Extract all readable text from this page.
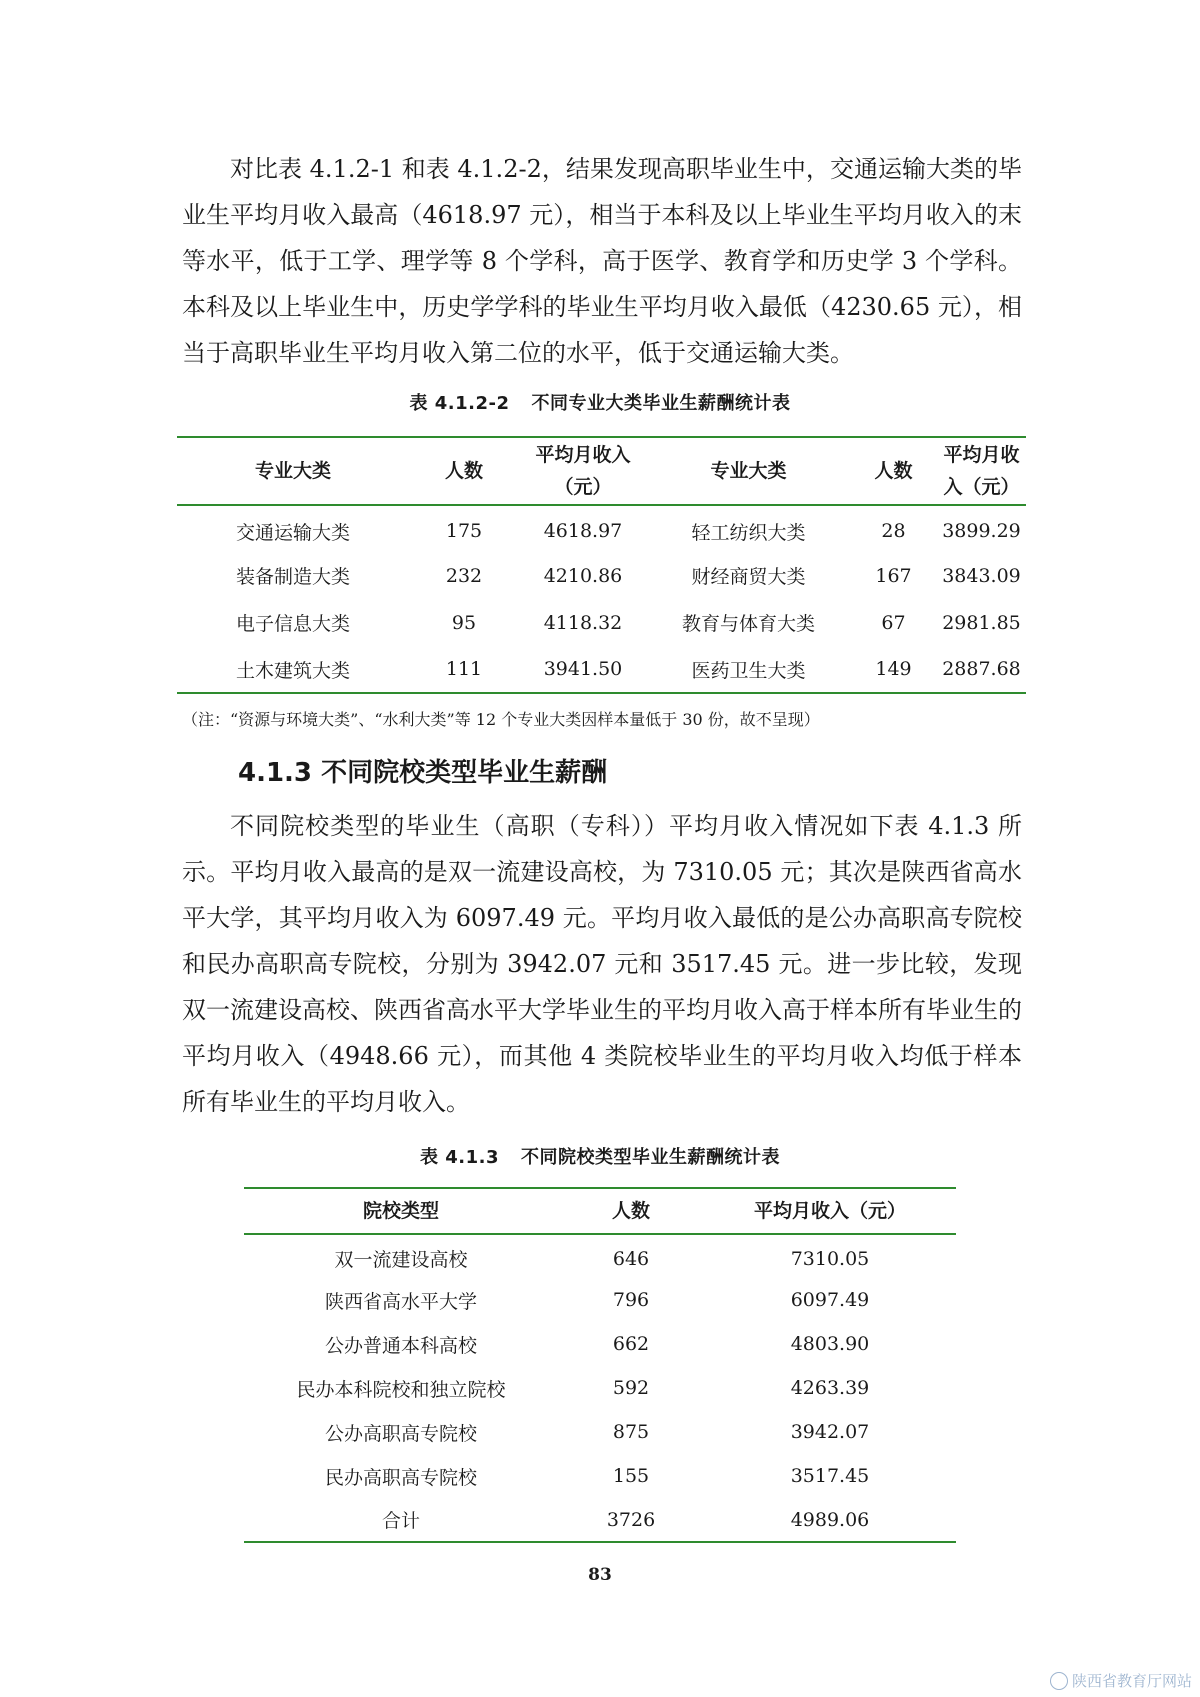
对比表 4.1.2-1 和表 4.1.2-2，结果发现高职毕业生中，交通运输大类的毕业生平均月收入最高（4618.97 元），相当于本科及以上毕业生平均月收入的末等水平，低于工学、理学等 8 个学科，高于医学、教育学和历史学 3 个学科。本科及以上毕业生中，历史学学科的毕业生平均月收入最低（4230.65 元），相当于高职毕业生平均月收入第二位的水平，低于交通运输大类。

表 4.1.2-2 不同专业大类毕业生薪酬统计表
专业大类	人数	平均月收入（元）	专业大类	人数	平均月收入（元）
交通运输大类	175	4618.97	轻工纺织大类	28	3899.29
装备制造大类	232	4210.86	财经商贸大类	167	3843.09
电子信息大类	95	4118.32	教育与体育大类	67	2981.85
土木建筑大类	111	3941.50	医药卫生大类	149	2887.68
（注：“资源与环境大类”、“水利大类”等 12 个专业大类因样本量低于 30 份，故不呈现）
4.1.3 不同院校类型毕业生薪酬

不同院校类型的毕业生（高职（专科））平均月收入情况如下表 4.1.3 所示。平均月收入最高的是双一流建设高校，为 7310.05 元；其次是陕西省高水平大学，其平均月收入为 6097.49 元。平均月收入最低的是公办高职高专院校和民办高职高专院校，分别为 3942.07 元和 3517.45 元。进一步比较，发现双一流建设高校、陕西省高水平大学毕业生的平均月收入高于样本所有毕业生的平均月收入（4948.66 元），而其他 4 类院校毕业生的平均月收入均低于样本所有毕业生的平均月收入。

表 4.1.3 不同院校类型毕业生薪酬统计表
院校类型	人数	平均月收入（元）
双一流建设高校	646	7310.05
陕西省高水平大学	796	6097.49
公办普通本科高校	662	4803.90
民办本科院校和独立院校	592	4263.39
公办高职高专院校	875	3942.07
民办高职高专院校	155	3517.45
合计	3726	4989.06
83
陕西省教育厅网站
